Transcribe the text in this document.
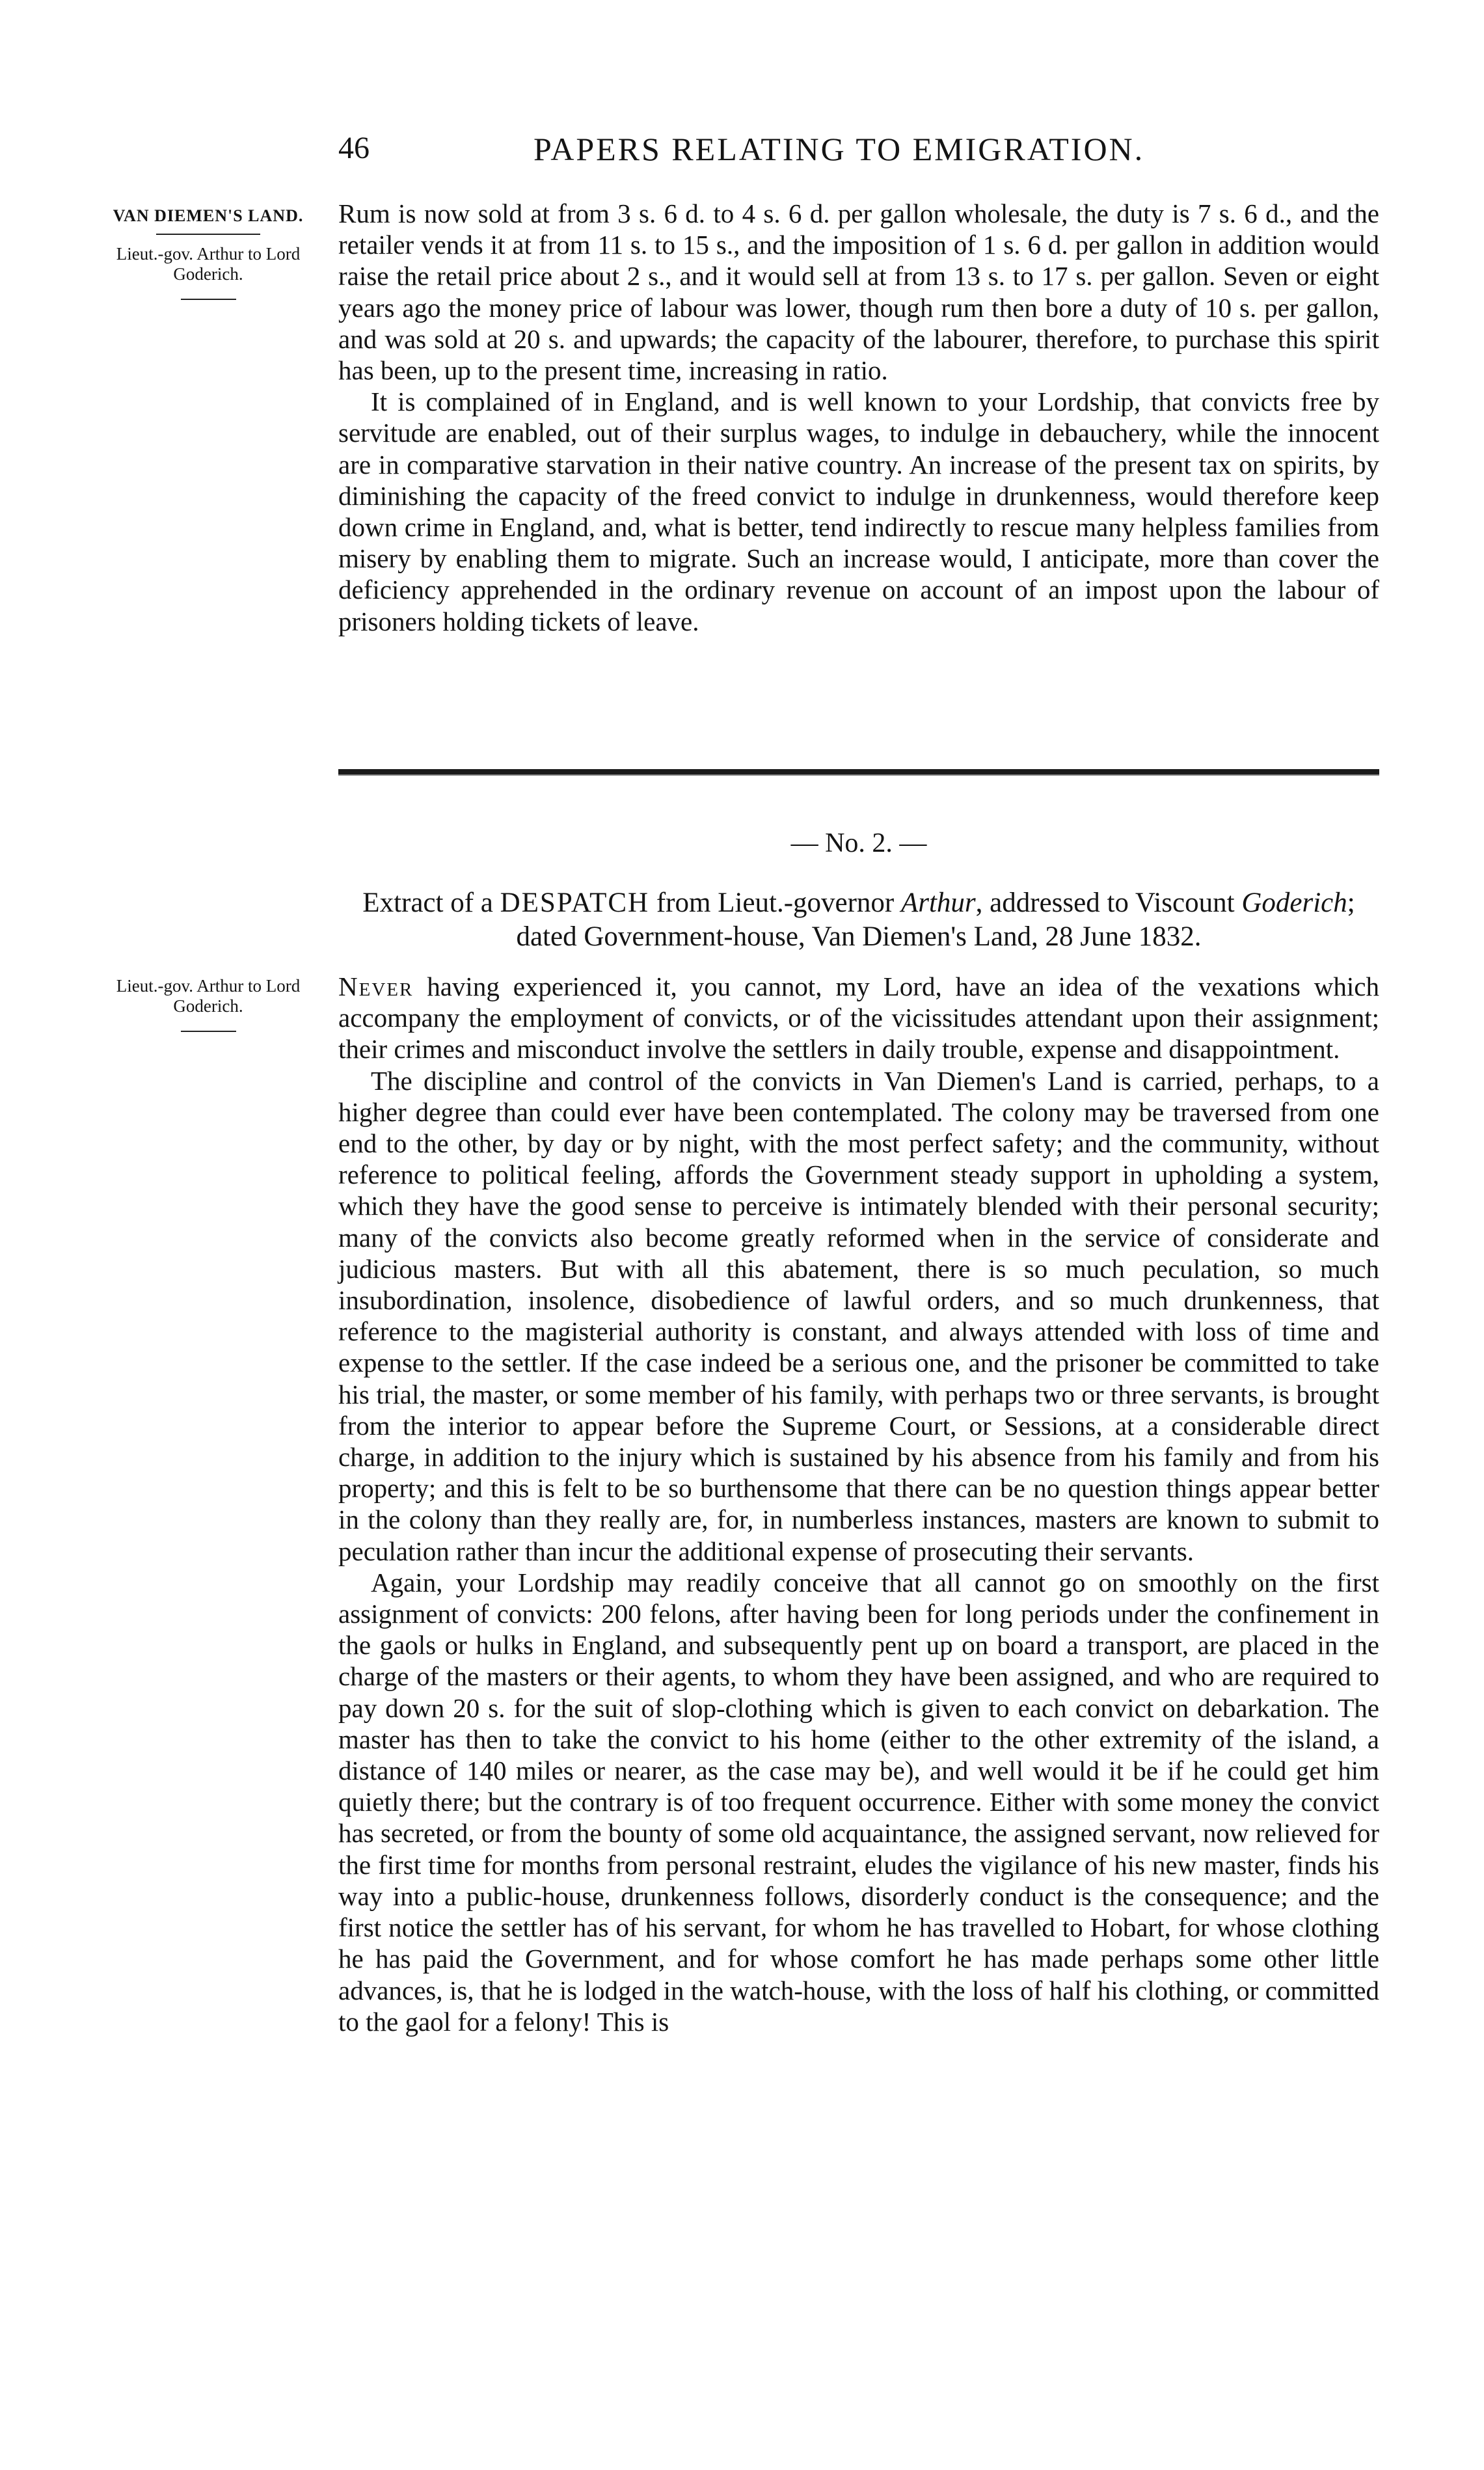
46	PAPERS RELATING TO EMIGRATION.
VAN DIEMEN'S LAND.
Lieut.-gov. Arthur to Lord Goderich.

Rum is now sold at from 3 s. 6 d. to 4 s. 6 d. per gallon wholesale, the duty is 7 s. 6 d., and the retailer vends it at from 11 s. to 15 s., and the imposition of 1 s. 6 d. per gallon in addition would raise the retail price about 2 s., and it would sell at from 13 s. to 17 s. per gallon. Seven or eight years ago the money price of labour was lower, though rum then bore a duty of 10 s. per gallon, and was sold at 20 s. and upwards; the capacity of the labourer, therefore, to purchase this spirit has been, up to the present time, increasing in ratio.

It is complained of in England, and is well known to your Lordship, that convicts free by servitude are enabled, out of their surplus wages, to indulge in debauchery, while the innocent are in comparative starvation in their native country. An increase of the present tax on spirits, by diminishing the capacity of the freed convict to indulge in drunkenness, would therefore keep down crime in England, and, what is better, tend indirectly to rescue many helpless families from misery by enabling them to migrate. Such an increase would, I anticipate, more than cover the deficiency apprehended in the ordinary revenue on account of an impost upon the labour of prisoners holding tickets of leave.

— No. 2. —
Extract of a DESPATCH from Lieut.-governor Arthur, addressed to Viscount Goderich; dated Government-house, Van Diemen's Land, 28 June 1832.
Lieut.-gov. Arthur to Lord Goderich.

Never having experienced it, you cannot, my Lord, have an idea of the vexations which accompany the employment of convicts, or of the vicissitudes attendant upon their assignment; their crimes and misconduct involve the settlers in daily trouble, expense and disappointment.

The discipline and control of the convicts in Van Diemen's Land is carried, perhaps, to a higher degree than could ever have been contemplated. The colony may be traversed from one end to the other, by day or by night, with the most perfect safety; and the community, without reference to political feeling, affords the Government steady support in upholding a system, which they have the good sense to perceive is intimately blended with their personal security; many of the convicts also become greatly reformed when in the service of considerate and judicious masters. But with all this abatement, there is so much peculation, so much insubordination, insolence, disobedience of lawful orders, and so much drunkenness, that reference to the magisterial authority is constant, and always attended with loss of time and expense to the settler. If the case indeed be a serious one, and the prisoner be committed to take his trial, the master, or some member of his family, with perhaps two or three servants, is brought from the interior to appear before the Supreme Court, or Sessions, at a considerable direct charge, in addition to the injury which is sustained by his absence from his family and from his property; and this is felt to be so burthensome that there can be no question things appear better in the colony than they really are, for, in numberless instances, masters are known to submit to peculation rather than incur the additional expense of prosecuting their servants.

Again, your Lordship may readily conceive that all cannot go on smoothly on the first assignment of convicts: 200 felons, after having been for long periods under the confinement in the gaols or hulks in England, and subsequently pent up on board a transport, are placed in the charge of the masters or their agents, to whom they have been assigned, and who are required to pay down 20 s. for the suit of slop-clothing which is given to each convict on debarkation. The master has then to take the convict to his home (either to the other extremity of the island, a distance of 140 miles or nearer, as the case may be), and well would it be if he could get him quietly there; but the contrary is of too frequent occurrence. Either with some money the convict has secreted, or from the bounty of some old acquaintance, the assigned servant, now relieved for the first time for months from personal restraint, eludes the vigilance of his new master, finds his way into a public-house, drunkenness follows, disorderly conduct is the consequence; and the first notice the settler has of his servant, for whom he has travelled to Hobart, for whose clothing he has paid the Government, and for whose comfort he has made perhaps some other little advances, is, that he is lodged in the watch-house, with the loss of half his clothing, or committed to the gaol for a felony! This is
